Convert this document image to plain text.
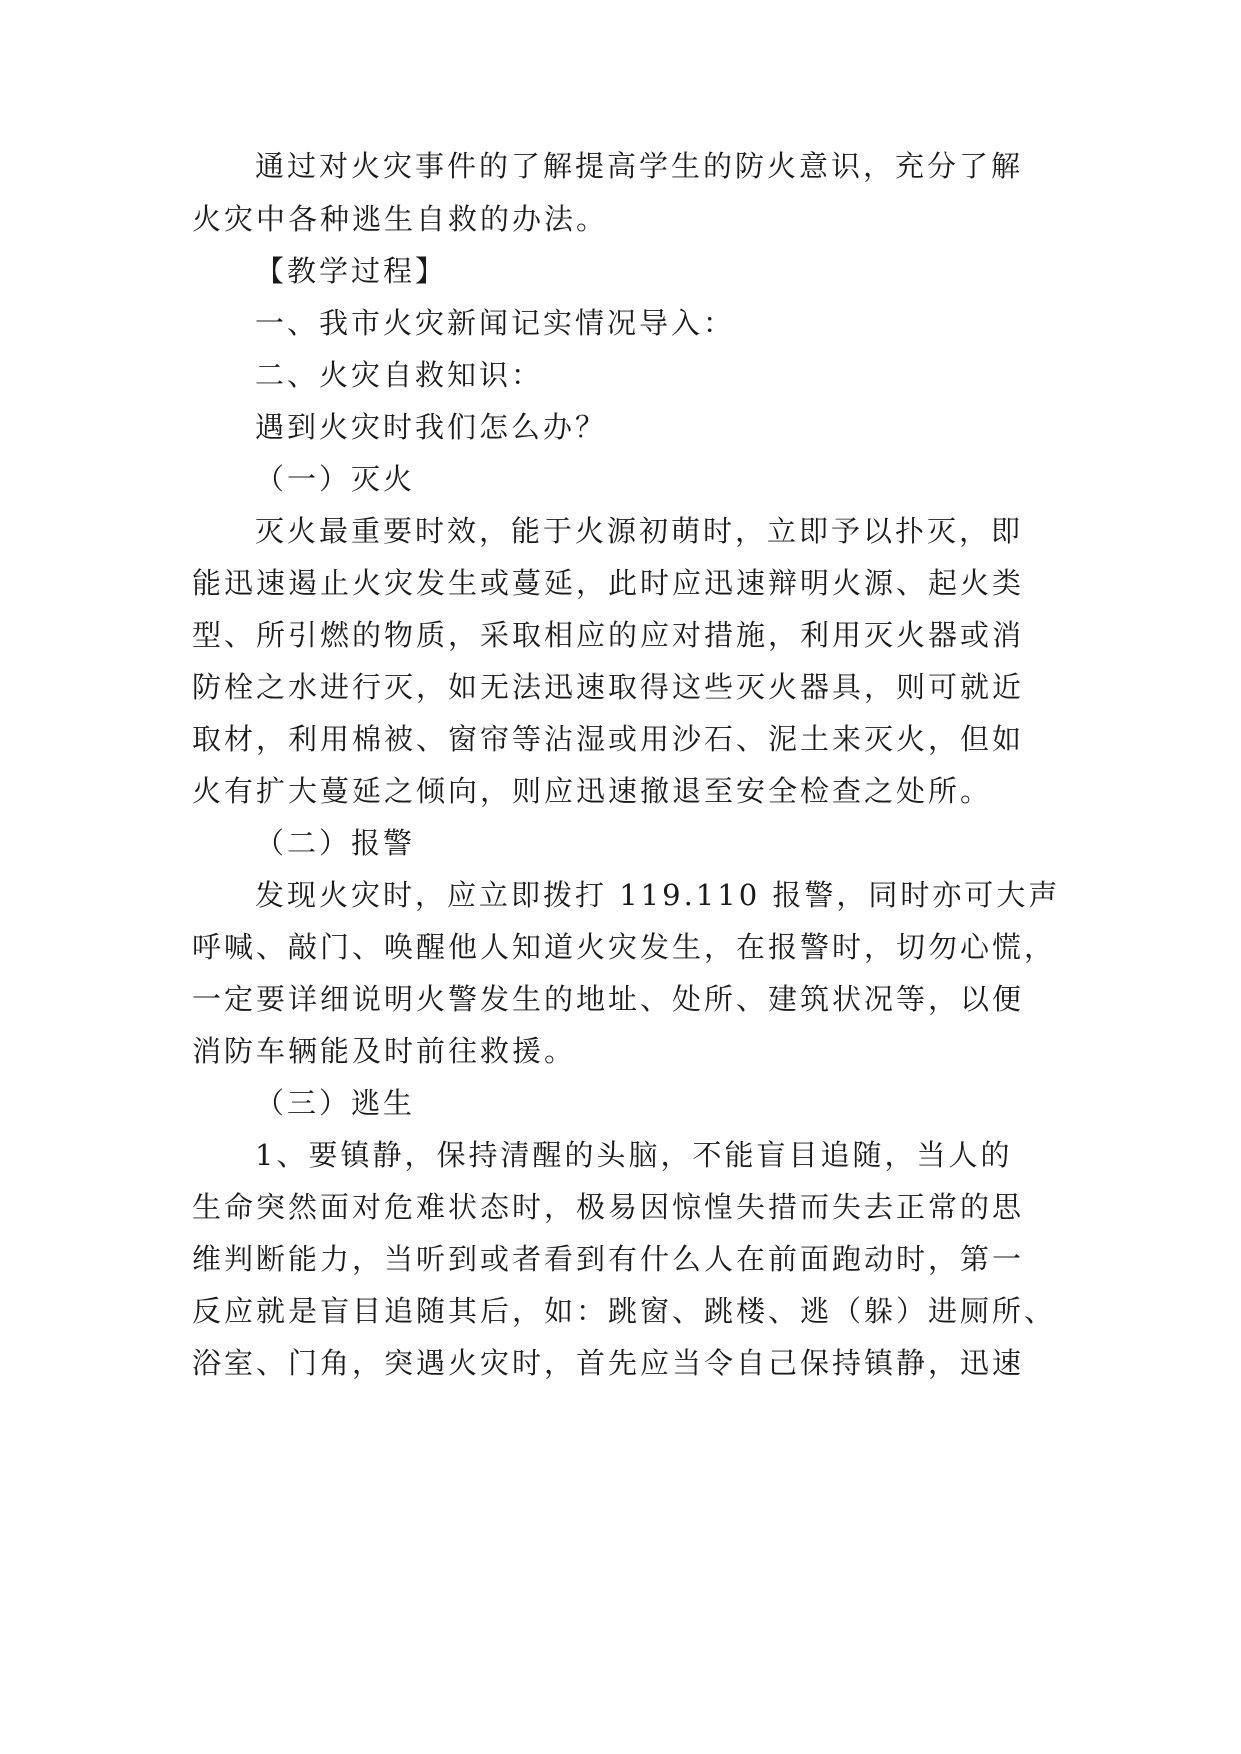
通过对火灾事件的了解提高学生的防火意识，充分了解
火灾中各种逃生自救的办法。
【教学过程】
一、我市火灾新闻记实情况导入：
二、火灾自救知识：
遇到火灾时我们怎么办？
（一）灭火
灭火最重要时效，能于火源初萌时，立即予以扑灭，即
能迅速遏止火灾发生或蔓延，此时应迅速辩明火源、起火类
型、所引燃的物质，采取相应的应对措施，利用灭火器或消
防栓之水进行灭，如无法迅速取得这些灭火器具，则可就近
取材，利用棉被、窗帘等沾湿或用沙石、泥土来灭火，但如
火有扩大蔓延之倾向，则应迅速撤退至安全检查之处所。
（二）报警
发现火灾时，应立即拨打 119.110 报警，同时亦可大声
呼喊、敲门、唤醒他人知道火灾发生，在报警时，切勿心慌，
一定要详细说明火警发生的地址、处所、建筑状况等，以便
消防车辆能及时前往救援。
（三）逃生
1、要镇静，保持清醒的头脑，不能盲目追随，当人的
生命突然面对危难状态时，极易因惊惶失措而失去正常的思
维判断能力，当听到或者看到有什么人在前面跑动时，第一
反应就是盲目追随其后，如：跳窗、跳楼、逃（躲）进厕所、
浴室、门角，突遇火灾时，首先应当令自己保持镇静，迅速
